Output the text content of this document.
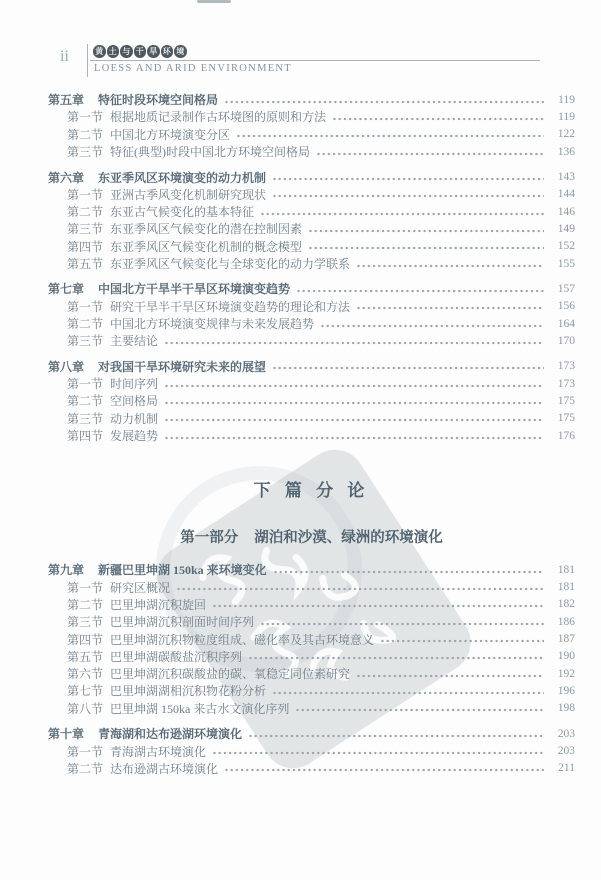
ii	黄 土 与 干 旱 环 境
LOESS AND ARID ENVIRONMENT
第五章	特征时段环境空间格局	119
第一节 根据地质记录制作古环境图的原则和方法	119
第二节 中国北方环境演变分区	122
第三节 特征(典型)时段中国北方环境空间格局	136
第六章	东亚季风区环境演变的动力机制	143
第一节 亚洲古季风变化机制研究现状	144
第二节 东亚古气候变化的基本特征	146
第三节 东亚季风区气候变化的潜在控制因素	149
第四节 东亚季风区气候变化机制的概念模型	152
第五节 东亚季风区气候变化与全球变化的动力学联系	155
第七章	中国北方干旱半干旱区环境演变趋势	157
第一节 研究干旱半干旱区环境演变趋势的理论和方法	156
第二节 中国北方环境演变规律与未来发展趋势	164
第三节 主要结论	170
第八章	对我国干旱环境研究未来的展望	173
第一节 时间序列	173
第二节 空间格局	175
第三节 动力机制	175
第四节 发展趋势	176
下 篇 分 论
第一部分 湖泊和沙漠、绿洲的环境演化
第九章	新疆巴里坤湖 150ka 来环境变化	181
第一节 研究区概况	181
第二节 巴里坤湖沉积旋回	182
第三节 巴里坤湖沉积剖面时间序列	186
第四节 巴里坤湖沉积物粒度组成、磁化率及其古环境意义	187
第五节 巴里坤湖碳酸盐沉积序列	190
第六节 巴里坤湖沉积碳酸盐的碳、氧稳定同位素研究	192
第七节 巴里坤湖湖相沉积物花粉分析	196
第八节 巴里坤湖 150ka 来古水文演化序列	198
第十章	青海湖和达布逊湖环境演化	203
第一节 青海湖古环境演化	203
第二节 达布逊湖古环境演化	211
